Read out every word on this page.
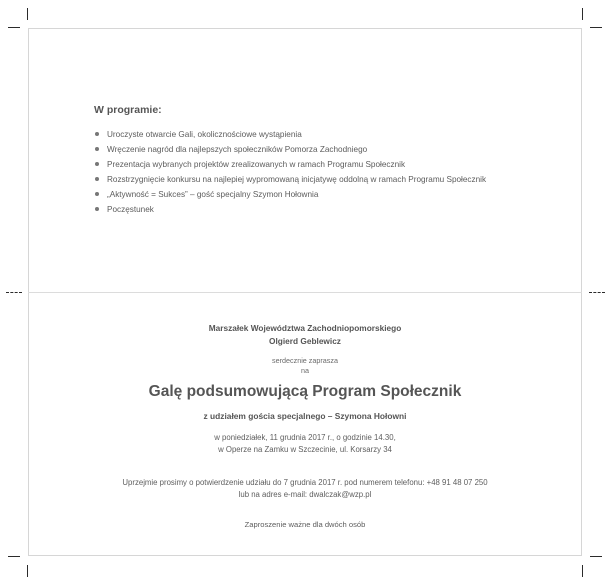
W programie:
Uroczyste otwarcie Gali, okolicznościowe wystąpienia
Wręczenie nagród dla najlepszych społeczników Pomorza Zachodniego
Prezentacja wybranych projektów zrealizowanych w ramach Programu Społecznik
Rozstrzygnięcie konkursu na najlepiej wypromowaną inicjatywę oddolną w ramach Programu Społecznik
„Aktywność = Sukces” – gość specjalny Szymon Hołownia
Poczęstunek
Marszałek Województwa Zachodniopomorskiego
Olgierd Geblewicz
serdecznie zaprasza
na
Galę podsumowującą Program Społecznik
z udziałem gościa specjalnego – Szymona Hołowni
w poniedziałek, 11 grudnia 2017 r., o godzinie 14.30,
w Operze na Zamku w Szczecinie, ul. Korsarzy 34
Uprzejmie prosimy o potwierdzenie udziału do 7 grudnia 2017 r. pod numerem telefonu: +48 91 48 07 250
lub na adres e-mail: dwalczak@wzp.pl
Zaproszenie ważne dla dwóch osób
